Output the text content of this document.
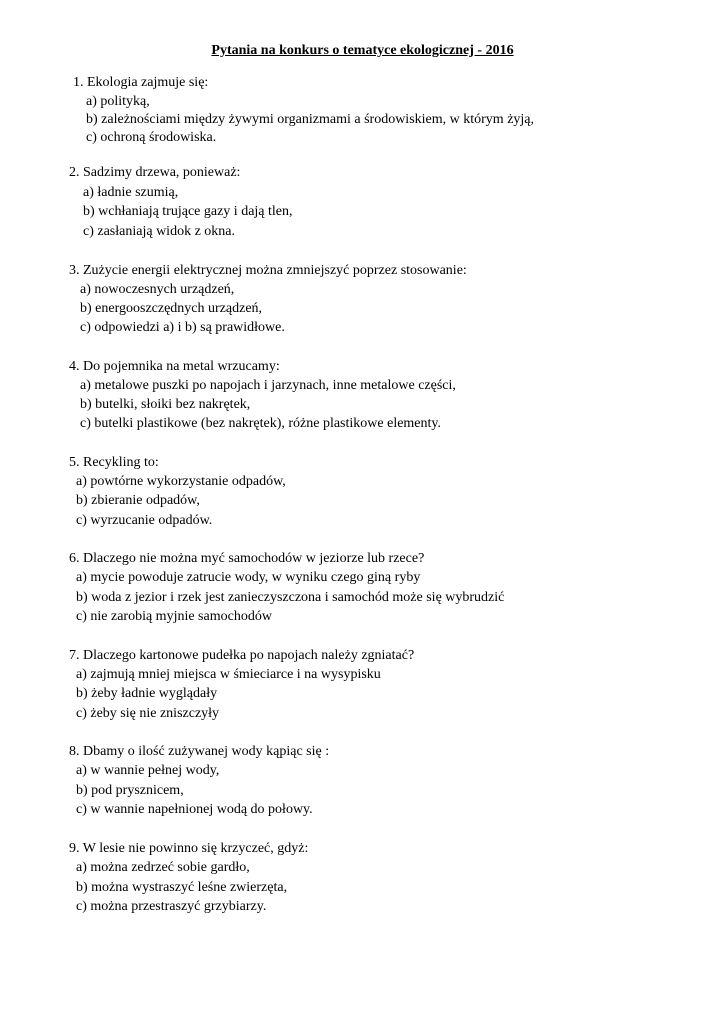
Pytania na konkurs o tematyce ekologicznej - 2016
1. Ekologia zajmuje się:
a) polityką,
b) zależnościami między żywymi organizmami a środowiskiem, w którym żyją,
c) ochroną środowiska.
2. Sadzimy drzewa, ponieważ:
a) ładnie szumią,
b) wchłaniają trujące gazy i dają tlen,
c) zasłaniają widok z okna.
3. Zużycie energii elektrycznej można zmniejszyć poprzez stosowanie:
a) nowoczesnych urządzeń,
b) energooszczędnych urządzeń,
c) odpowiedzi a) i b) są prawidłowe.
4. Do pojemnika na metal wrzucamy:
a) metalowe puszki po napojach i jarzynach, inne metalowe części,
b) butelki, słoiki bez nakrętek,
c) butelki plastikowe (bez nakrętek), różne plastikowe elementy.
5. Recykling to:
a) powtórne wykorzystanie odpadów,
b) zbieranie odpadów,
c) wyrzucanie odpadów.
6. Dlaczego nie można myć samochodów w jeziorze lub rzece?
a) mycie powoduje zatrucie wody, w wyniku czego giną ryby
b) woda z jezior i rzek jest zanieczyszczona i samochód może się wybrudzić
c) nie zarobią myjnie samochodów
7. Dlaczego kartonowe pudełka po napojach należy zgniatać?
a) zajmują mniej miejsca w śmieciarce i na wysypisku
b) żeby ładnie wyglądały
c) żeby się nie zniszczyły
8. Dbamy o ilość zużywanej wody kąpiąc się :
a) w wannie pełnej wody,
b) pod prysznicem,
c) w wannie napełnionej wodą do połowy.
9. W lesie nie powinno się krzyczeć, gdyż:
a) można zedrzeć sobie gardło,
b) można wystraszyć leśne zwierzęta,
c) można przestraszyć grzybiarzy.
